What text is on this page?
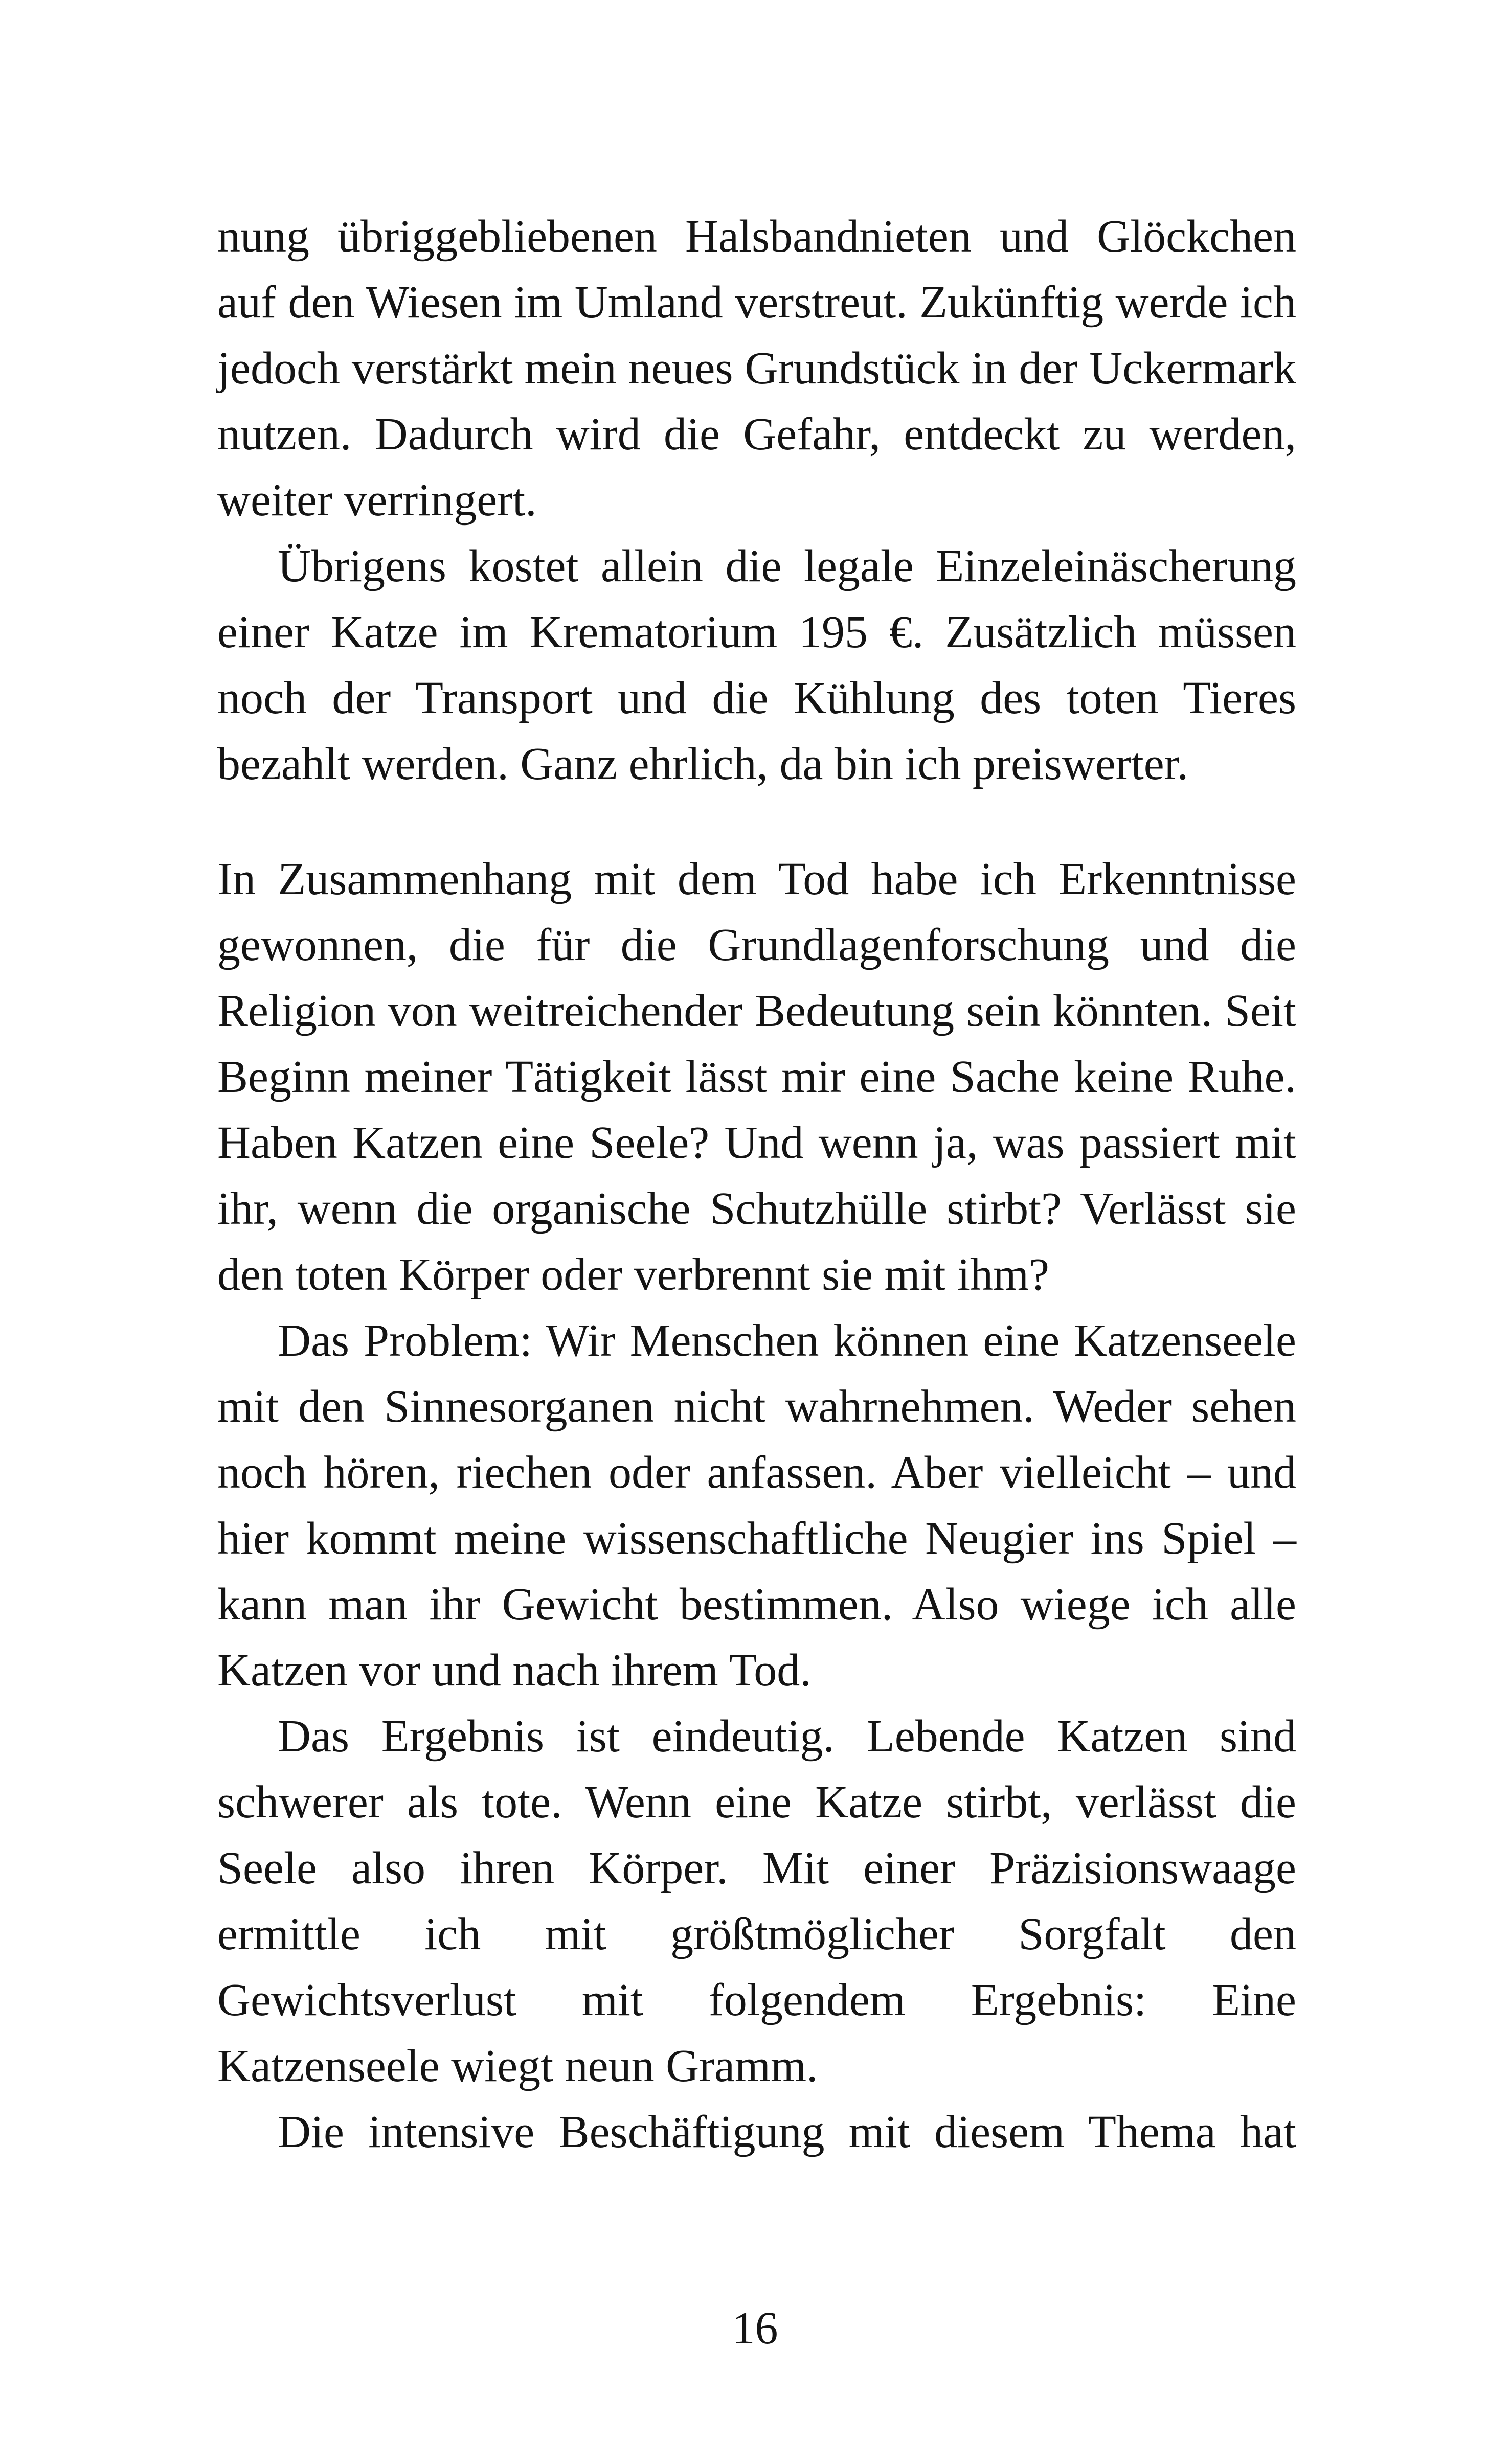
nung übriggebliebenen Halsbandnieten und Glöckchen auf den Wiesen im Umland verstreut. Zukünftig werde ich jedoch verstärkt mein neues Grundstück in der Uckermark nutzen. Dadurch wird die Gefahr, entdeckt zu werden, weiter verringert.

Übrigens kostet allein die legale Einzeleinäscherung einer Katze im Krematorium 195 €. Zusätzlich müssen noch der Transport und die Kühlung des toten Tieres bezahlt werden. Ganz ehrlich, da bin ich preiswerter.

In Zusammenhang mit dem Tod habe ich Erkenntnisse gewonnen, die für die Grundlagenforschung und die Religion von weitreichender Bedeutung sein könnten. Seit Beginn meiner Tätigkeit lässt mir eine Sache keine Ruhe. Haben Katzen eine Seele? Und wenn ja, was passiert mit ihr, wenn die organische Schutzhülle stirbt? Verlässt sie den toten Körper oder verbrennt sie mit ihm?

Das Problem: Wir Menschen können eine Katzenseele mit den Sinnesorganen nicht wahrnehmen. Weder sehen noch hören, riechen oder anfassen. Aber vielleicht – und hier kommt meine wissenschaftliche Neugier ins Spiel – kann man ihr Gewicht bestimmen. Also wiege ich alle Katzen vor und nach ihrem Tod.

Das Ergebnis ist eindeutig. Lebende Katzen sind schwerer als tote. Wenn eine Katze stirbt, verlässt die Seele also ihren Körper. Mit einer Präzisionswaage ermittle ich mit größtmöglicher Sorgfalt den Gewichtsverlust mit folgendem Ergebnis: Eine Katzenseele wiegt neun Gramm.

Die intensive Beschäftigung mit diesem Thema hat

16
